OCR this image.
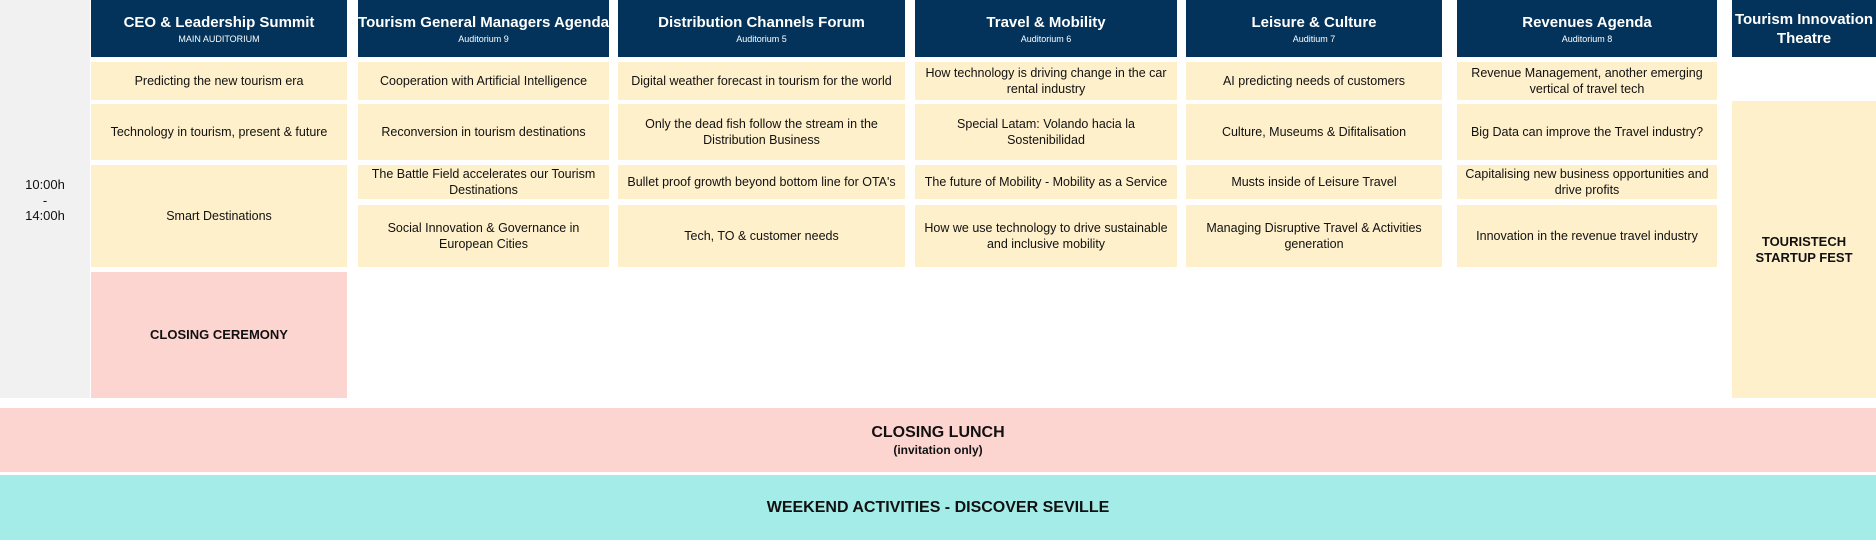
10:00h
-
14:00h
CEO & Leadership Summit
MAIN AUDITORIUM
Predicting the new tourism era
Technology in tourism, present & future
Smart Destinations
CLOSING CEREMONY
Tourism General Managers Agenda
Auditorium 9
Cooperation with Artificial Intelligence
Reconversion in tourism destinations
The Battle Field accelerates our Tourism Destinations
Social Innovation & Governance in European Cities
Distribution Channels Forum
Auditorium 5
Digital weather forecast in tourism for the world
Only the dead fish follow the stream in the Distribution Business
Bullet proof growth beyond bottom line for OTA's
Tech, TO & customer needs
Travel & Mobility
Auditorium 6
How technology is driving change in the car rental industry
Special Latam: Volando hacia la Sostenibilidad
The future of Mobility - Mobility as a Service
How we use technology to drive sustainable and inclusive mobility
Leisure & Culture
Auditium 7
AI predicting needs of customers
Culture, Museums & Difitalisation
Musts inside of Leisure Travel
Managing Disruptive Travel & Activities generation
Revenues Agenda
Auditorium 8
Revenue Management, another emerging vertical of travel tech
Big Data can improve the Travel industry?
Capitalising new business opportunities and drive profits
Innovation in the revenue travel industry
Tourism Innovation Theatre
TOURISTECH STARTUP FEST
CLOSING LUNCH
(invitation only)
WEEKEND ACTIVITIES - DISCOVER SEVILLE
